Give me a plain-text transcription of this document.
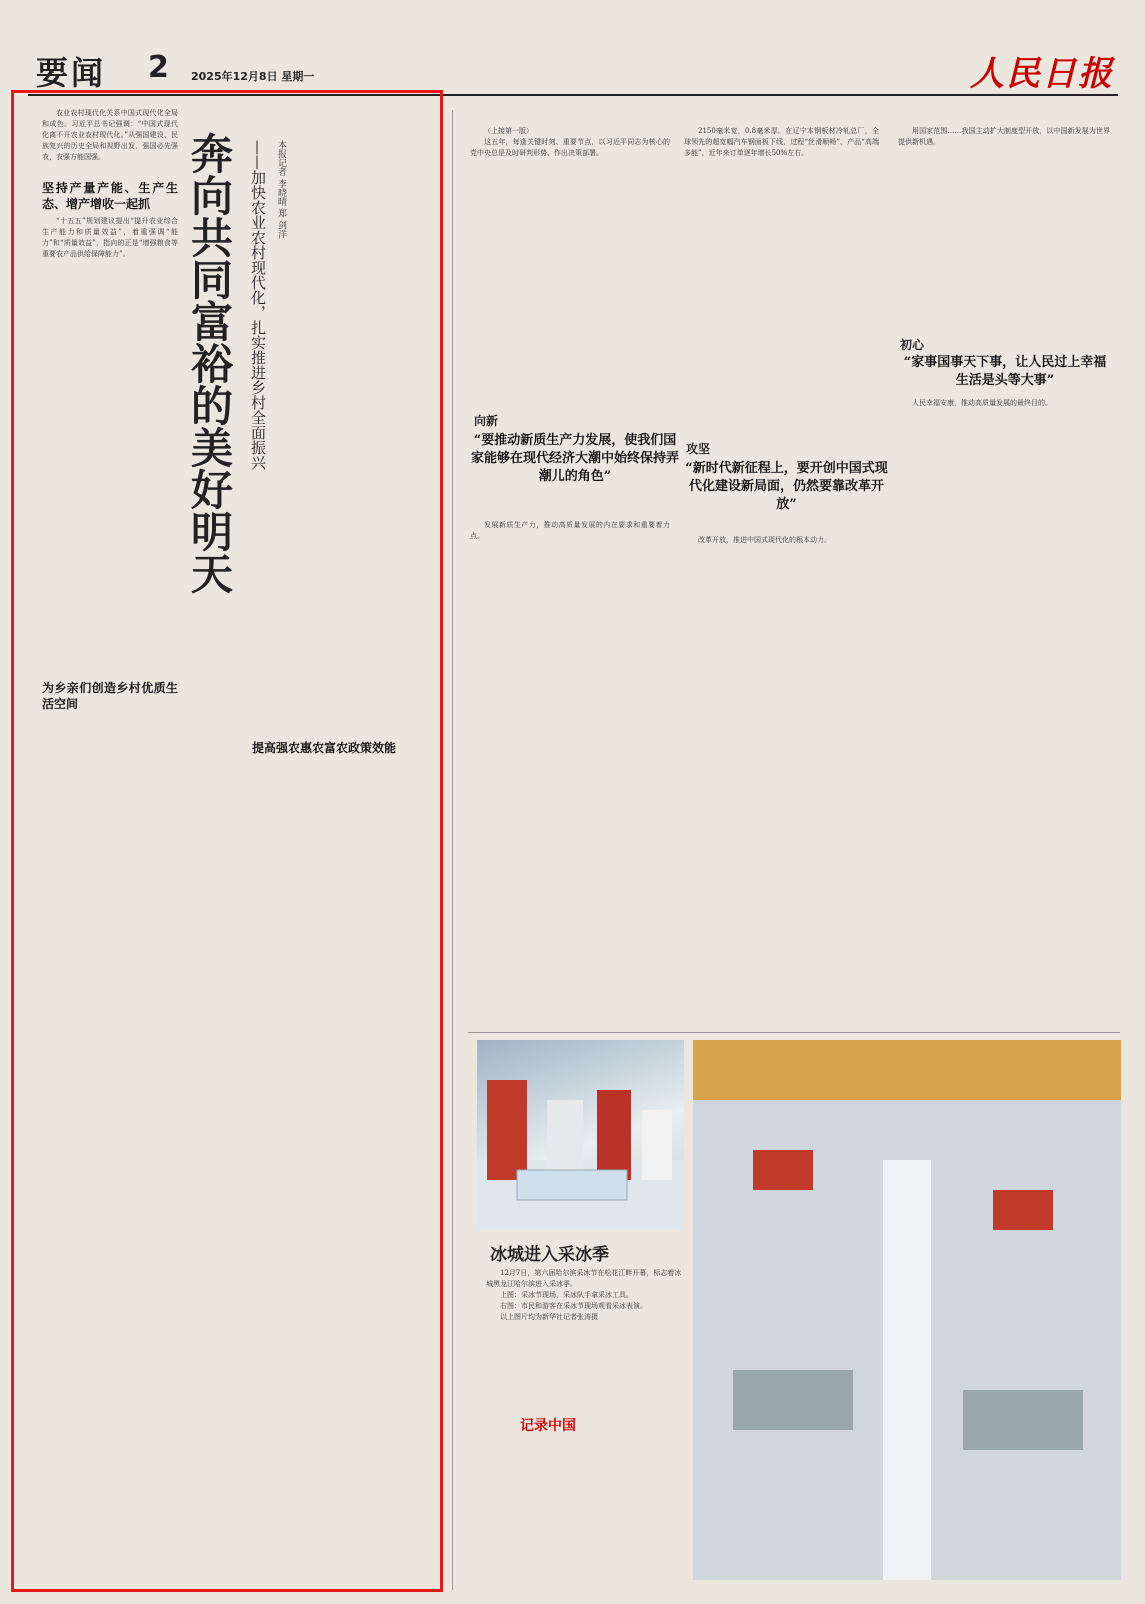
要闻 2 2025年12月8日 星期一	人民日报
奔向共同富裕的美好明天 ——加快农业农村现代化，扎实推进乡村全面振兴 本报记者 李晓晴 郑 剑洋

农业农村现代化关系中国式现代化全局和成色。习近平总书记强调：“中国式现代化离不开农业农村现代化。”从强国建设、民族复兴的历史全局和视野出发，强国必先强农，农强方能国强。

坚持产量产能、生产生态、增产增收一起抓

“十五五”规划建议提出“提升农业综合生产能力和质量效益”，着重强调“能力”和“质量效益”，指向的正是“增强粮食等重要农产品供给保障能力”。

为乡亲们创造乡村优质生活空间
提高强农惠农富农政策效能

（上接第一版）

这五年，每逢关键时刻、重要节点，以习近平同志为核心的党中央总是及时研判形势、作出决策部署。

向新
“要推动新质生产力发展，使我们国家能够在现代经济大潮中始终保持弄潮儿的角色”

发展新质生产力，推动高质量发展的内在要求和重要着力点。

2150毫米宽，0.8毫米厚。在辽宁本钢板材冷轧总厂，全球领先的超宽幅汽车钢面板下线，过程“丝滑顺畅”，产品“高端多能”，近年来订单逐年增长50%左右。

攻坚
“新时代新征程上，要开创中国式现代化建设新局面，仍然要靠改革开放”

改革开放，推进中国式现代化的根本动力。

用国家范围……我国主动扩大制度型开放，以中国新发展为世界提供新机遇。

初心
“家事国事天下事，让人民过上幸福生活是头等大事”

人民幸福安康，推动高质量发展的最终目的。

冰城进入采冰季

12月7日，第六届哈尔滨采冰节在松花江畔开幕，标志着冰城黑龙江哈尔滨进入采冰季。

上图：采冰节现场，采冰队手拿采冰工具。

右图：市民和游客在采冰节现场观看采冰表演。

以上图片均为新华社记者张涛摄

记录中国
